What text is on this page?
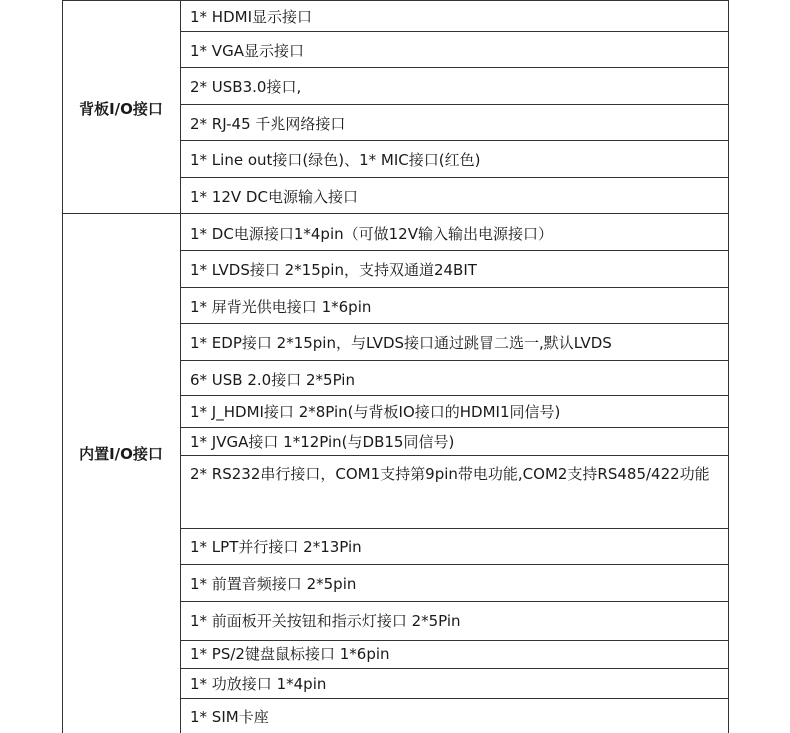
背板I/O接口
内置I/O接口
1* HDMI显示接口
1* VGA显示接口
2* USB3.0接口,
2* RJ-45 千兆网络接口
1* Line out接口(绿色)、1* MIC接口(红色)
1* 12V DC电源输入接口
1* DC电源接口1*4pin（可做12V输入输出电源接口）
1* LVDS接口 2*15pin，支持双通道24BIT
1* 屏背光供电接口 1*6pin
1* EDP接口 2*15pin，与LVDS接口通过跳冒二选一,默认LVDS
6* USB 2.0接口 2*5Pin
1* J_HDMI接口 2*8Pin(与背板IO接口的HDMI1同信号)
1* JVGA接口 1*12Pin(与DB15同信号)
2* RS232串行接口，COM1支持第9pin带电功能,COM2支持RS485/422功能
1* LPT并行接口 2*13Pin
1* 前置音频接口 2*5pin
1* 前面板开关按钮和指示灯接口 2*5Pin
1* PS/2键盘鼠标接口 1*6pin
1* 功放接口 1*4pin
1* SIM卡座
